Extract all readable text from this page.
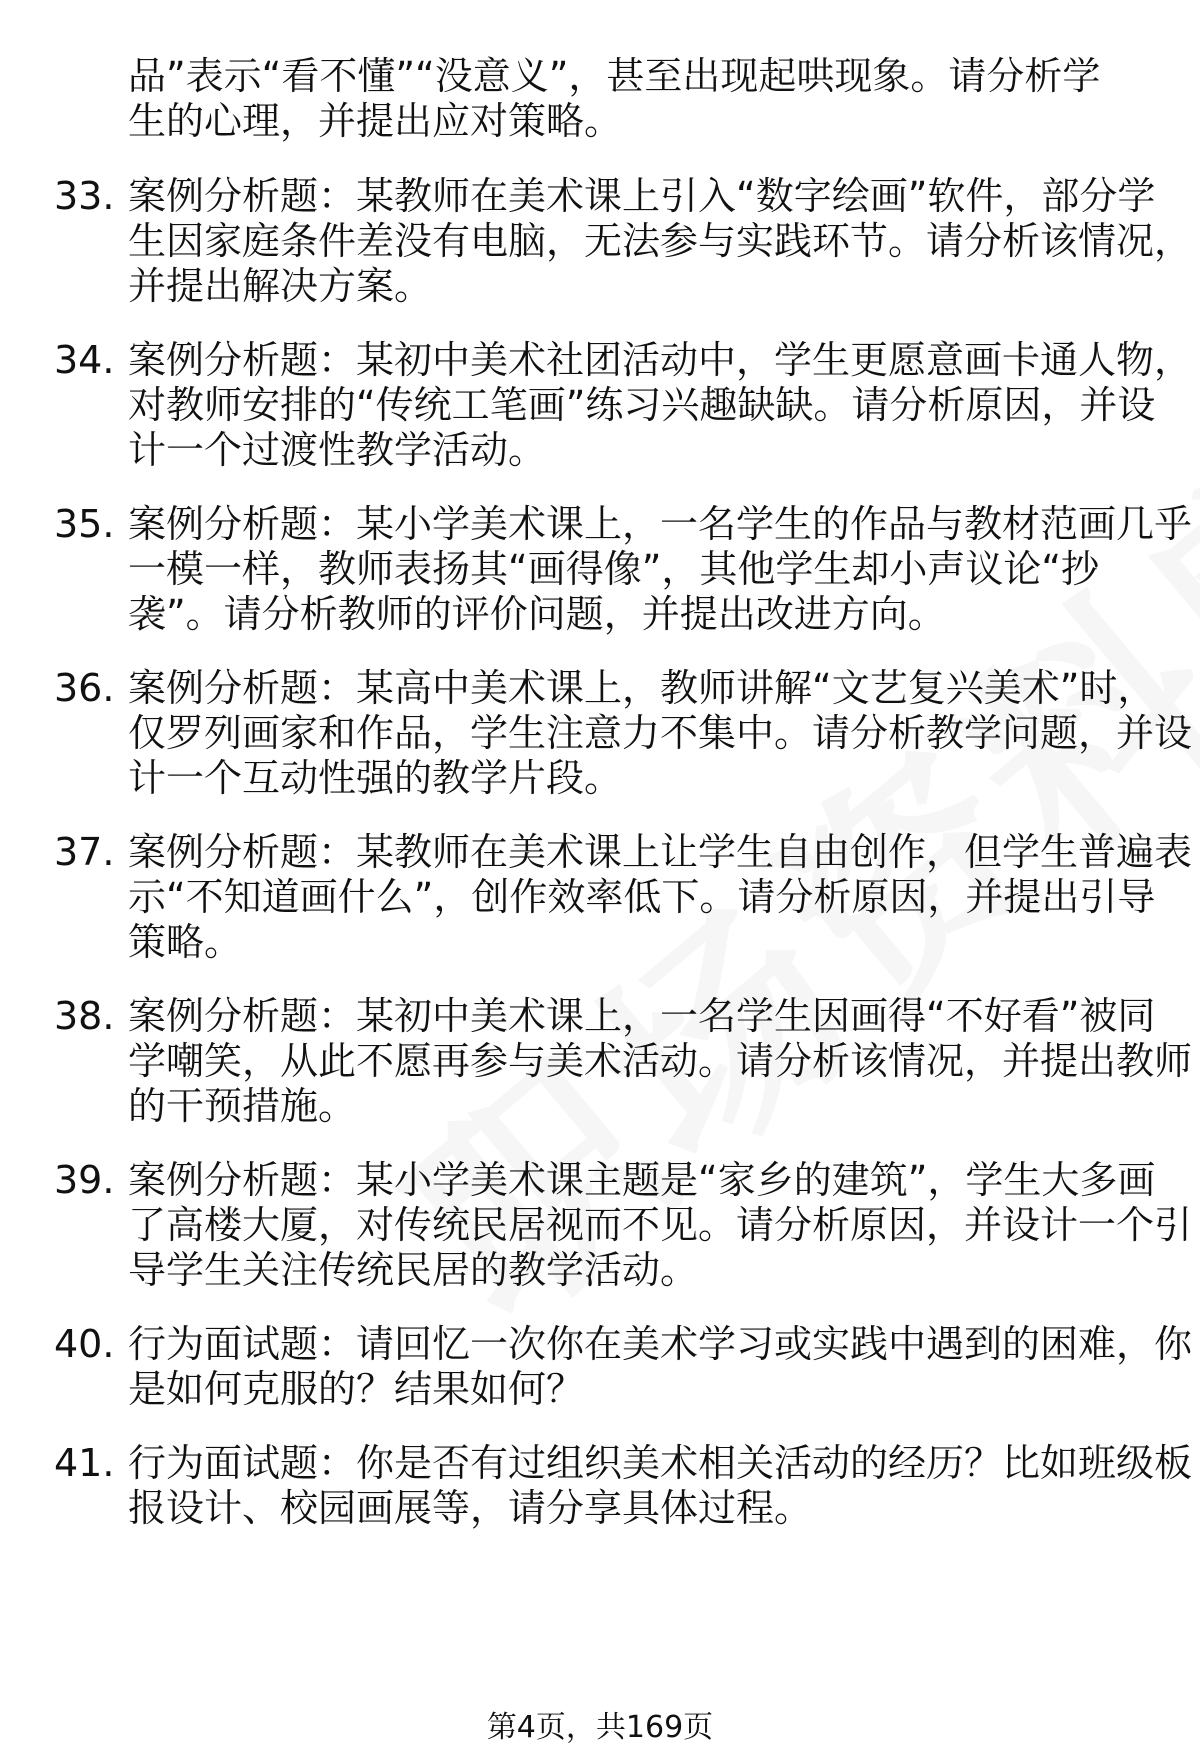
品”表示“看不懂”“没意义”，甚至出现起哄现象。请分析学
生的心理，并提出应对策略。
33. 案例分析题：某教师在美术课上引入“数字绘画”软件，部分学
生因家庭条件差没有电脑，无法参与实践环节。请分析该情况，
并提出解决方案。
34. 案例分析题：某初中美术社团活动中，学生更愿意画卡通人物，
对教师安排的“传统工笔画”练习兴趣缺缺。请分析原因，并设
计一个过渡性教学活动。
35. 案例分析题：某小学美术课上，一名学生的作品与教材范画几乎
一模一样，教师表扬其“画得像”，其他学生却小声议论“抄
袭”。请分析教师的评价问题，并提出改进方向。
36. 案例分析题：某高中美术课上，教师讲解“文艺复兴美术”时，
仅罗列画家和作品，学生注意力不集中。请分析教学问题，并设
计一个互动性强的教学片段。
37. 案例分析题：某教师在美术课上让学生自由创作，但学生普遍表
示“不知道画什么”，创作效率低下。请分析原因，并提出引导
策略。
38. 案例分析题：某初中美术课上，一名学生因画得“不好看”被同
学嘲笑，从此不愿再参与美术活动。请分析该情况，并提出教师
的干预措施。
39. 案例分析题：某小学美术课主题是“家乡的建筑”，学生大多画
了高楼大厦，对传统民居视而不见。请分析原因，并设计一个引
导学生关注传统民居的教学活动。
40. 行为面试题：请回忆一次你在美术学习或实践中遇到的困难，你
是如何克服的？结果如何？
41. 行为面试题：你是否有过组织美术相关活动的经历？比如班级板
报设计、校园画展等，请分享具体过程。
第4页，共169页
